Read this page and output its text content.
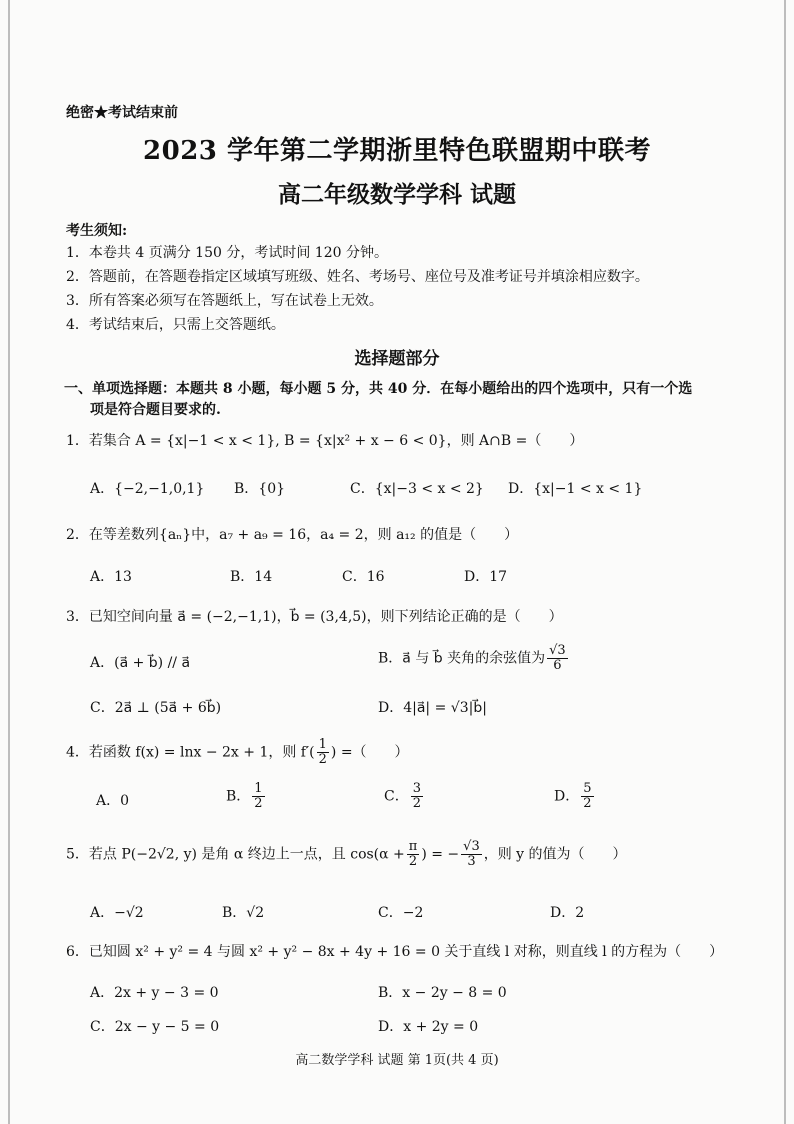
绝密★考试结束前
2023 学年第二学期浙里特色联盟期中联考
高二年级数学学科 试题
考生须知:
1．本卷共 4 页满分 150 分，考试时间 120 分钟。
2．答题前，在答题卷指定区域填写班级、姓名、考场号、座位号及准考证号并填涂相应数字。
3．所有答案必须写在答题纸上，写在试卷上无效。
4．考试结束后，只需上交答题纸。
选择题部分
一、单项选择题：本题共 8 小题，每小题 5 分，共 40 分．在每小题给出的四个选项中，只有一个选
项是符合题目要求的.
1．若集合 A = {x|−1 < x < 1}, B = {x|x² + x − 6 < 0}，则 A∩B =（　　）
A．{−2,−1,0,1} B．{0}	C．{x|−3 < x < 2} D．{x|−1 < x < 1}
2．在等差数列{aₙ}中，a₇ + a₉ = 16，a₄ = 2，则 a₁₂ 的值是（　　）
A．13	B．14	C．16	D．17
3．已知空间向量 a⃗ = (−2,−1,1)，b⃗ = (3,4,5)，则下列结论正确的是（　　）
A．(a⃗ + b⃗) // a⃗	B．a⃗ 与 b⃗ 夹角的余弦值为 $\frac{√3}{6}$
C．2a⃗ ⊥ (5a⃗ + 6b⃗)	D．4|a⃗| = √3|b⃗|
4．若函数 f(x) = lnx − 2x + 1，则 $f'( \frac{1}{2}$ ) =（　　）
A．0	B． $\frac{1}{2}$	C． $\frac{3}{2}$	D． $\frac{5}{2}$
5．若点 P(−2√2, y) 是角 α 终边上一点，且 $\cos(\alpha + \frac{\pi}{2}$ ) = − $\frac{√3}{3}$ ，则 y 的值为（　　）
A．−√2	B．√2	C．−2	D．2
6．已知圆 x² + y² = 4 与圆 x² + y² − 8x + 4y + 16 = 0 关于直线 l 对称，则直线 l 的方程为（　　）
A．2x + y − 3 = 0	B．x − 2y − 8 = 0
C．2x − y − 5 = 0	D．x + 2y = 0
高二数学学科 试题 第 1页(共 4 页)
